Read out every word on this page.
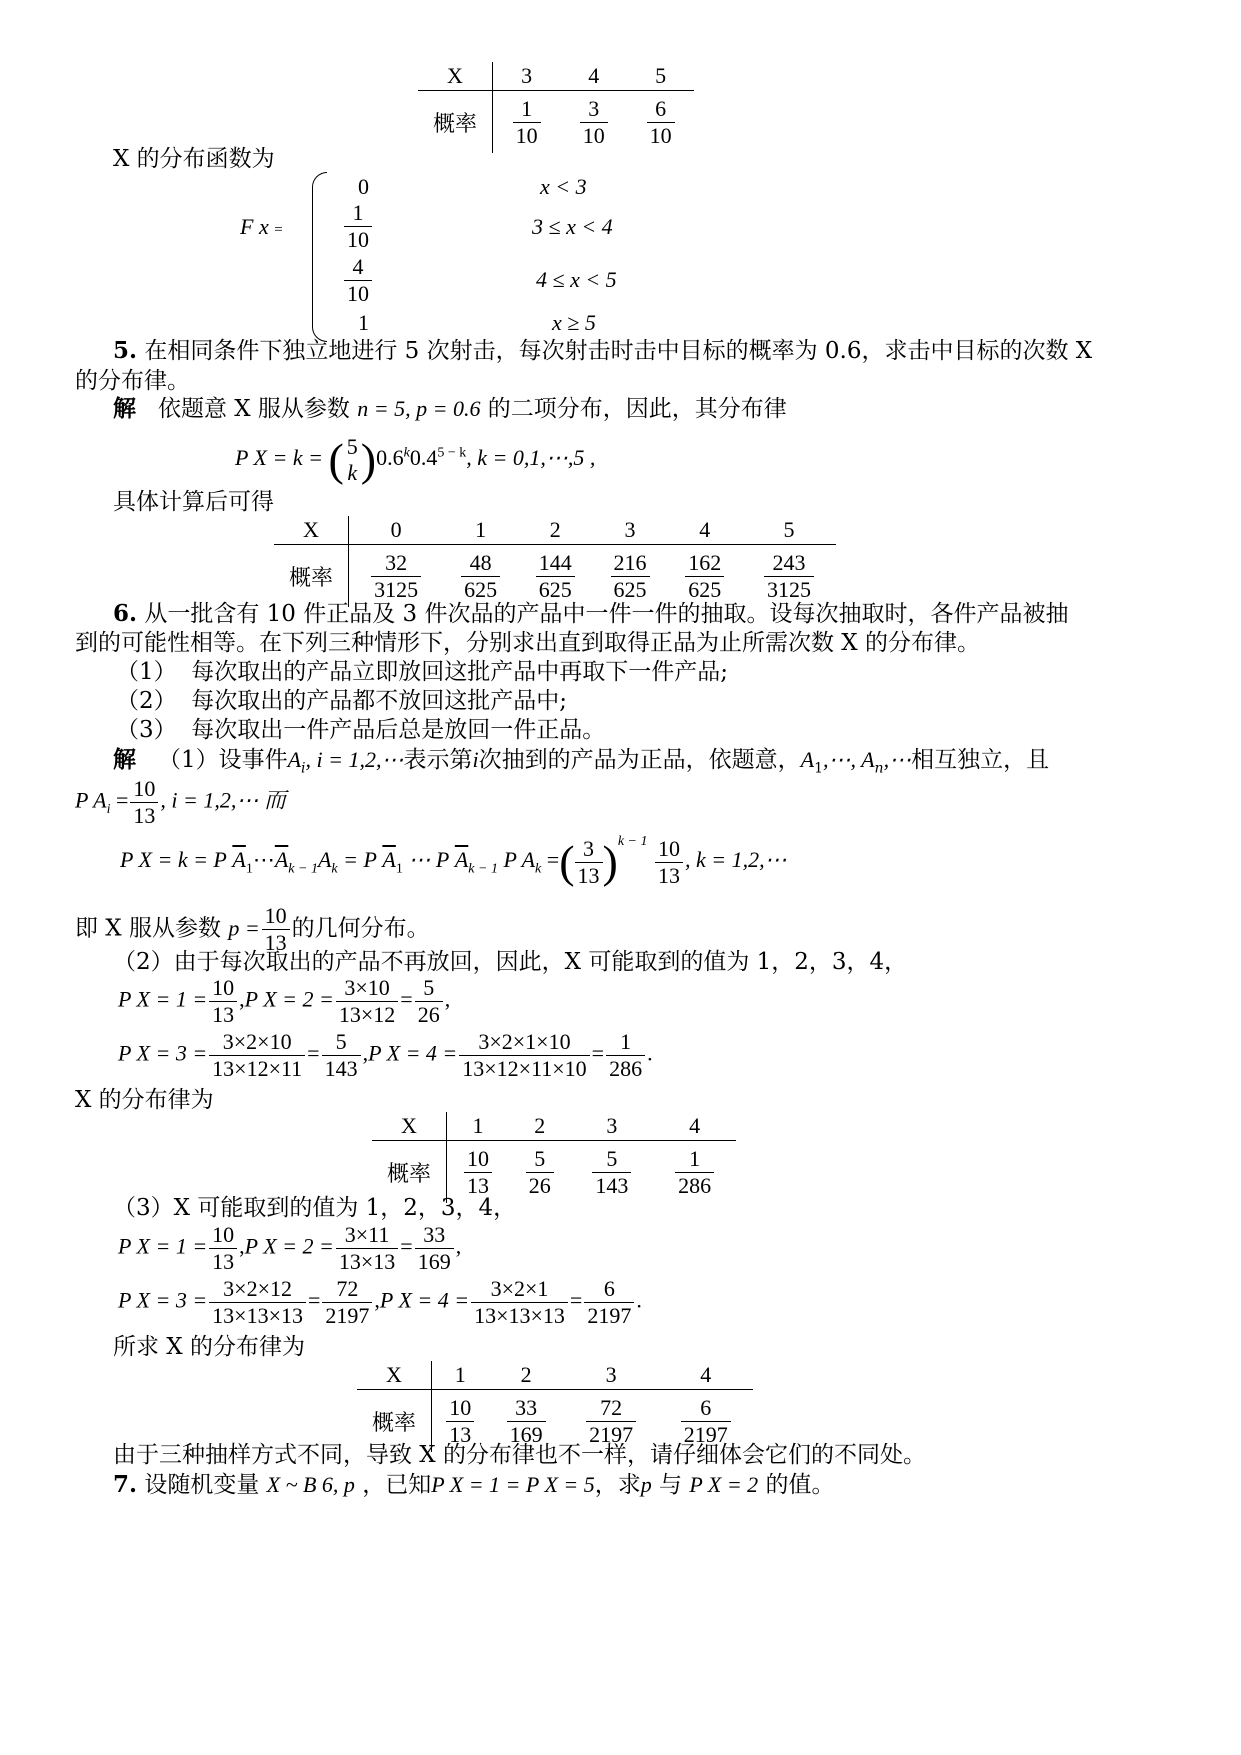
X	3	4	5
概率	$\frac{1}{10}$	$\frac{3}{10}$	$\frac{6}{10}$
X 的分布函数为
F x =
0	x < 3
$\frac{1}{10}$	3 ≤ x < 4
$\frac{4}{10}$	4 ≤ x < 5
1	x ≥ 5
5. 在相同条件下独立地进行 5 次射击，每次射击时击中目标的概率为 0.6，求击中目标的次数 X
的分布律。
解 依题意 X 服从参数 n = 5, p = 0.6 的二项分布，因此，其分布律
P X = k = ( 5
k )$0.6^k0.4^{5 - k}$, k = 0,1,⋯,5 ,
具体计算后可得
X	0	1	2	3	4	5
概率	$\frac{32}{3125}$	$\frac{48}{625}$	$\frac{144}{625}$	$\frac{216}{625}$	$\frac{162}{625}$	$\frac{243}{3125}$
6. 从一批含有 10 件正品及 3 件次品的产品中一件一件的抽取。设每次抽取时，各件产品被抽
到的可能性相等。在下列三种情形下，分别求出直到取得正品为止所需次数 X 的分布律。
（1） 每次取出的产品立即放回这批产品中再取下一件产品;
（2） 每次取出的产品都不放回这批产品中;
（3） 每次取出一件产品后总是放回一件正品。
解 （1）设事件$A_i$, i = 1,2,⋯表示第i次抽到的产品为正品，依题意，$A_1,\cdots$, $A_n,\cdots$相互独立，且
P $A_i = \frac{10}{13}$ , i = 1,2,⋯ 而
P X = k = P $\overline{A}_1\cdots\overline{A}_{k - 1}A_k = P$ $\overline{A}_1$ ⋯ P $\overline{A}_{k - 1}$ P $A_k$ =( $\frac{3}{13} )^{k - 1} \frac{10}{13}$ , k = 1,2,⋯
即 X 服从参数 $p = \frac{10}{13}$ 的几何分布。
（2）由于每次取出的产品不再放回，因此，X 可能取到的值为 1，2，3，4，
P $X = 1 = \frac{10}{13} ,P$ $X = 2 = \frac{3\times 10}{13\times 12} = \frac{5}{26}$ ,
P $X = 3 = \frac{3\times 2\times 10}{13\times 12\times 11} = \frac{5}{143} ,P$ $X = 4 = \frac{3\times 2\times 1\times 10}{13\times 12\times 11\times 10} = \frac{1}{286}$ .
X 的分布律为
X	1	2	3	4
概率	$\frac{10}{13}$	$\frac{5}{26}$	$\frac{5}{143}$	$\frac{1}{286}$
（3）X 可能取到的值为 1，2，3，4，
P $X = 1 = \frac{10}{13} ,P$ $X = 2 = \frac{3\times 11}{13\times 13} = \frac{33}{169}$ ,
P $X = 3 = \frac{3\times 2\times 12}{13\times 13\times 13} = \frac{72}{2197} ,P$ $X = 4 = \frac{3\times 2\times 1}{13\times 13\times 13} = \frac{6}{2197}$ .
所求 X 的分布律为
X	1	2	3	4
概率	$\frac{10}{13}$	$\frac{33}{169}$	$\frac{72}{2197}$	$\frac{6}{2197}$
由于三种抽样方式不同，导致 X 的分布律也不一样，请仔细体会它们的不同处。
7. 设随机变量 X ~ B 6, p ，已知P X = 1 = P X = 5，求p 与 P X = 2 的值。
